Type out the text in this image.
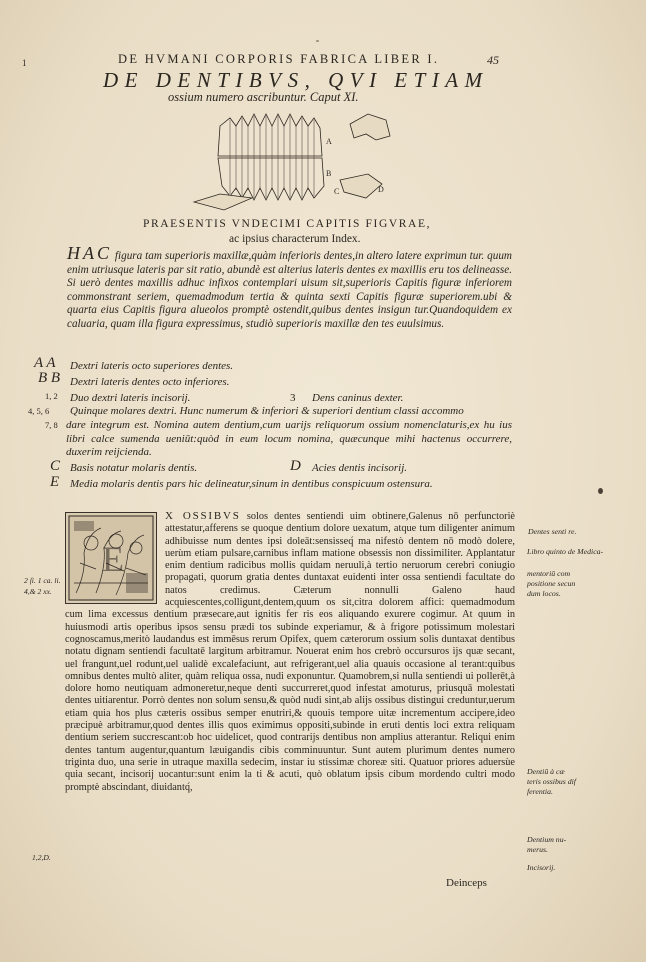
1	DE HVMANI CORPORIS FABRICA LIBER I.	45
DE DENTIBVS, QVI ETIAM
ossium numero ascribuntur. Caput XI.
A
B
C	D
PRAESENTIS VNDECIMI CAPITIS FIGVRAE,
ac ipsius characterum Index.
HAC figura tam superioris maxillæ,quàm inferioris dentes,in altero latere exprimun tur. quum enim utriusque lateris par sit ratio, abundè est alterius lateris dentes ex maxillis eru tos delineasse. Si uerò dentes maxillis adhuc infixos contemplari uisum sit,superioris Capitis figuræ inferiorem commonstrant seriem, quemadmodum tertia & quinta sexti Capitis figuræ superiorem.ubi & quarta eius Capitis figura alueolos promptè ostendit,quibus dentes insigun tur.Quandoquidem ex caluaria, quam illa figura expressimus, studiò superioris maxillæ den tes euulsimus.
A A Dextri lateris octo superiores dentes.
B B Dextri lateris dentes octo inferiores.
1, 2 Duo dextri lateris incisorij.	3 Dens caninus dexter.
4, 5, 6 Quinque molares dextri. Hunc numerum & inferiori & superiori dentium classi accommo
7, 8 dare integrum est. Nomina autem dentium,cum uarijs reliquorum ossium nomenclaturis,ex hu ius libri calce sumenda ueniūt:quòd in eum locum nomina, quæcunque mihi hactenus occurrere, duxerim reijcienda.
C Basis notatur molaris dentis.	D Acies dentis incisorij.
E Media molaris dentis pars hic delineatur,sinum in dentibus conspicuum ostensura.
E
X OSSIBVS solos dentes sentiendi uim obtinere,Galenus nō perfunctoriè attestatur,afferens se quoque dentium dolore uexatum, atque tum diligenter animum adhibuisse num dentes ipsi doleāt:sensisseq́ ma nifestò dentem nō modò dolere, uerùm etiam pulsare,carnibus inflam matione obsessis non dissimiliter. Applantatur enim dentium radicibus mollis quidam neruuli,à tertio neruorum cerebri coniugio propagati, quorum gratia dentes duntaxat euidenti inter ossa sentiendi facultate do natos credimus. Cæterum nonnulli Galeno haud acquiescentes,colligunt,dentem,quum os sit,citra dolorem affici: quemadmodum cum lima excessus dentium præsecare,aut ignitis fer ris eos aliquando exurere cogimur. At quum in huiusmodi artis operibus ipsos sensu prædi tos subinde experiamur, & à frigore potissimum molestari cognoscamus,meritò laudandus est immēsus rerum Opifex, quem cæterorum ossium solis duntaxat dentibus notatu dignam sentiendi facultatē largitum arbitramur. Nouerat enim hos crebrò occursuros ijs quæ secant, uel frangunt,uel rodunt,uel ualidè excalefaciunt, aut refrigerant,uel alia quauis occasione al terant:quibus omnibus dentes multò aliter, quàm reliqua ossa, nudi exponuntur. Quamobrem,si nulla sentiendi ui pollerēt,à dolore homo neutiquam admoneretur,neque denti succurreret,quod infestat amoturus, priusquā molestati dentes uitiarentur. Porrò dentes non solum sensu,& quòd nudi sint,ab alijs ossibus distingui creduntur,uerum etiam quia hos plus cæteris ossibus semper enutriri,& quouis tempore uitæ incrementum accipere,ideo præcipuè arbitramur,quod dentes illis quos eximimus oppositi,subinde in eruti dentis loci extra reliquam dentium seriem succrescant:ob hoc uidelicet, quod contrarijs dentibus non amplius atterantur. Reliqui enim dentes tantum augentur,quantum læuigandis cibis comminuuntur. Sunt autem plurimum dentes numero triginta duo, una serie in utraque maxilla sedecim, instar iu stissimæ choreæ siti. Quatuor priores aduersùe quia secant, incisorij uocantur:sunt enim la ti & acuti, quò oblatum ipsis cibum mordendo cultri modo promptè abscindant, diuidantq́,
Deinceps
Dentes senti re.
Libro quinto de Medica-
mentoriū com
positione secun
dum locos.
Dentiū à cæ
teris ossibus dif
ferentia.
Dentium nu-
merus.
Incisorij.
2 ſi. 1 ca. li.
4,& 2 xx.
1,2,D.
